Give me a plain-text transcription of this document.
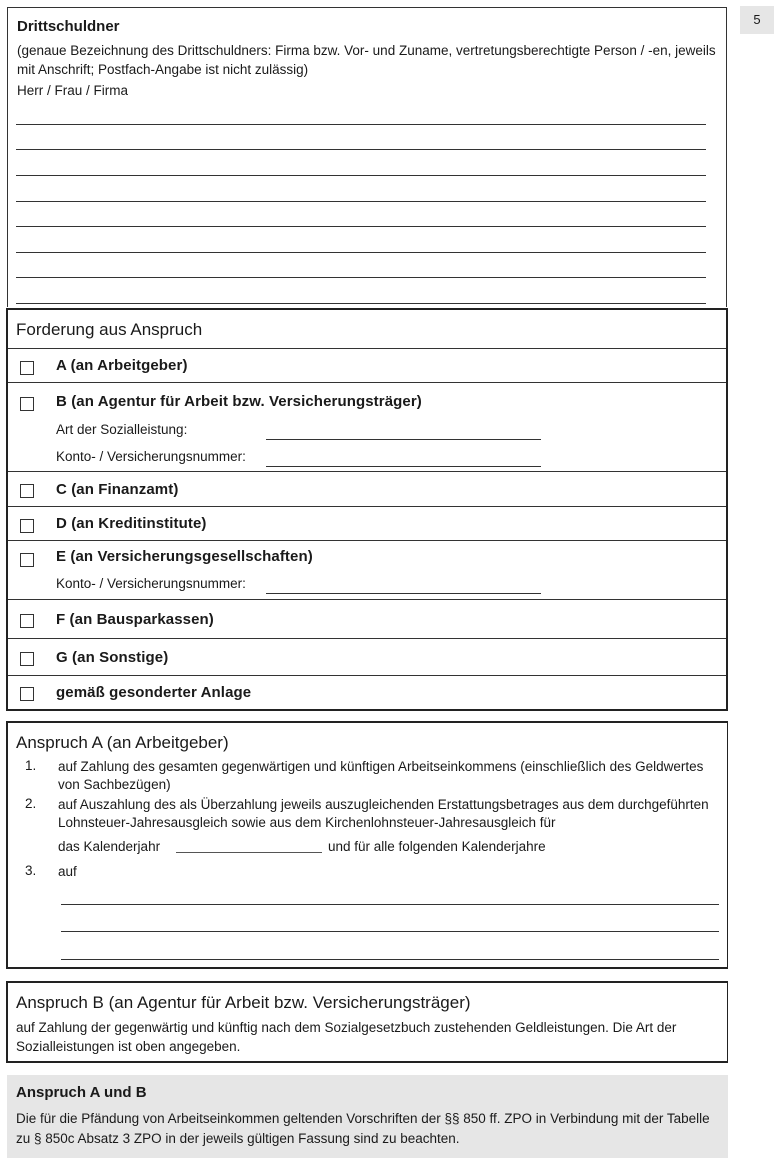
5
Drittschuldner
(genaue Bezeichnung des Drittschuldners: Firma bzw. Vor- und Zuname, vertretungsberechtigte Person / -en, jeweils mit Anschrift; Postfach-Angabe ist nicht zulässig)
Herr / Frau / Firma
Forderung aus Anspruch
A (an Arbeitgeber)
B (an Agentur für Arbeit bzw. Versicherungsträger)
Art der Sozialleistung:
Konto- / Versicherungsnummer:
C (an Finanzamt)
D (an Kreditinstitute)
E (an Versicherungsgesellschaften)
Konto- / Versicherungsnummer:
F (an Bausparkassen)
G (an Sonstige)
gemäß gesonderter Anlage
Anspruch A (an Arbeitgeber)
1. auf Zahlung des gesamten gegenwärtigen und künftigen Arbeitseinkommens (einschließlich des Geldwertes von Sachbezügen)
2. auf Auszahlung des als Überzahlung jeweils auszugleichenden Erstattungsbetrages aus dem durchgeführten Lohnsteuer-Jahresausgleich sowie aus dem Kirchenlohnsteuer-Jahresausgleich für
das Kalenderjahr	und für alle folgenden Kalenderjahre
3. auf
Anspruch B (an Agentur für Arbeit bzw. Versicherungsträger)
auf Zahlung der gegenwärtig und künftig nach dem Sozialgesetzbuch zustehenden Geldleistungen. Die Art der Sozialleistungen ist oben angegeben.
Anspruch A und B
Die für die Pfändung von Arbeitseinkommen geltenden Vorschriften der §§ 850 ff. ZPO in Verbindung mit der Tabelle zu § 850c Absatz 3 ZPO in der jeweils gültigen Fassung sind zu beachten.
